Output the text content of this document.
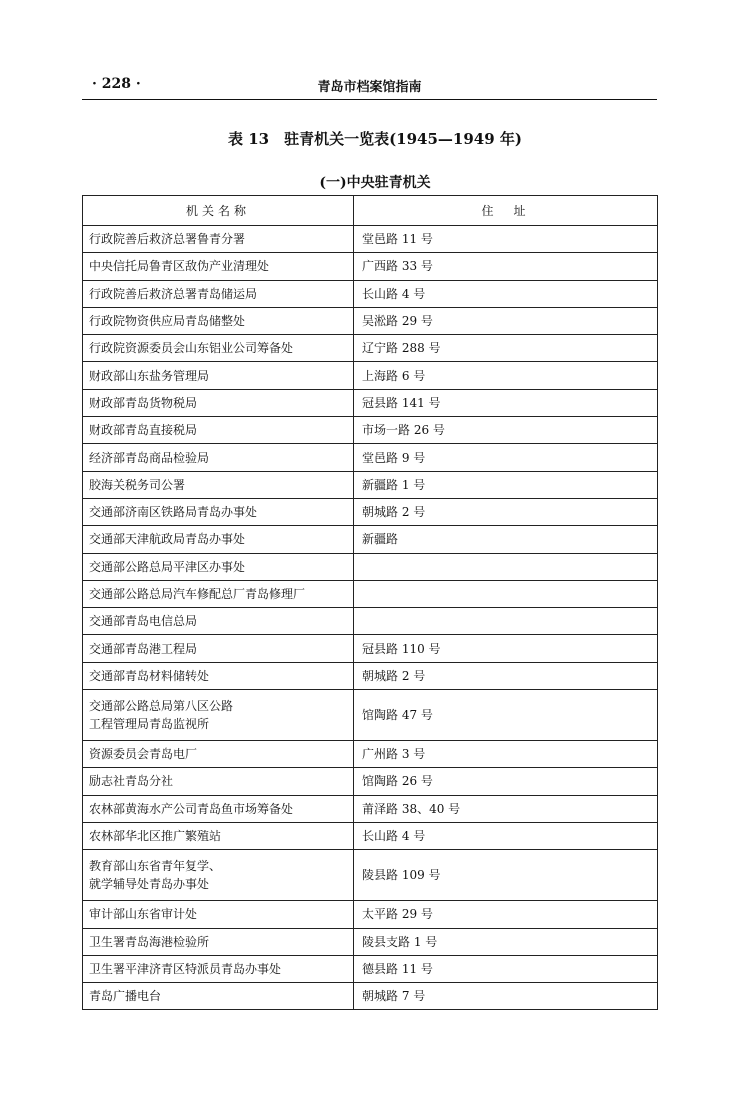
· 228 ·	青岛市档案馆指南
表 13　驻青机关一览表(1945—1949 年)
(一)中央驻青机关
机关名称	住　址
行政院善后救济总署鲁青分署	堂邑路 11 号
中央信托局鲁青区敌伪产业清理处	广西路 33 号
行政院善后救济总署青岛储运局	长山路 4 号
行政院物资供应局青岛储整处	吴淞路 29 号
行政院资源委员会山东铝业公司筹备处	辽宁路 288 号
财政部山东盐务管理局	上海路 6 号
财政部青岛货物税局	冠县路 141 号
财政部青岛直接税局	市场一路 26 号
经济部青岛商品检验局	堂邑路 9 号
胶海关税务司公署	新疆路 1 号
交通部济南区铁路局青岛办事处	朝城路 2 号
交通部天津航政局青岛办事处	新疆路
交通部公路总局平津区办事处	
交通部公路总局汽车修配总厂青岛修理厂	
交通部青岛电信总局	
交通部青岛港工程局	冠县路 110 号
交通部青岛材料储转处	朝城路 2 号

交通部公路总局第八区公路
工程管理局青岛监视所	馆陶路 47 号
资源委员会青岛电厂	广州路 3 号
励志社青岛分社	馆陶路 26 号
农林部黄海水产公司青岛鱼市场筹备处	莆泽路 38、40 号
农林部华北区推广繁殖站	长山路 4 号

教育部山东省青年复学、
就学辅导处青岛办事处	陵县路 109 号
审计部山东省审计处	太平路 29 号
卫生署青岛海港检验所	陵县支路 1 号
卫生署平津济青区特派员青岛办事处	德县路 11 号
青岛广播电台	朝城路 7 号
